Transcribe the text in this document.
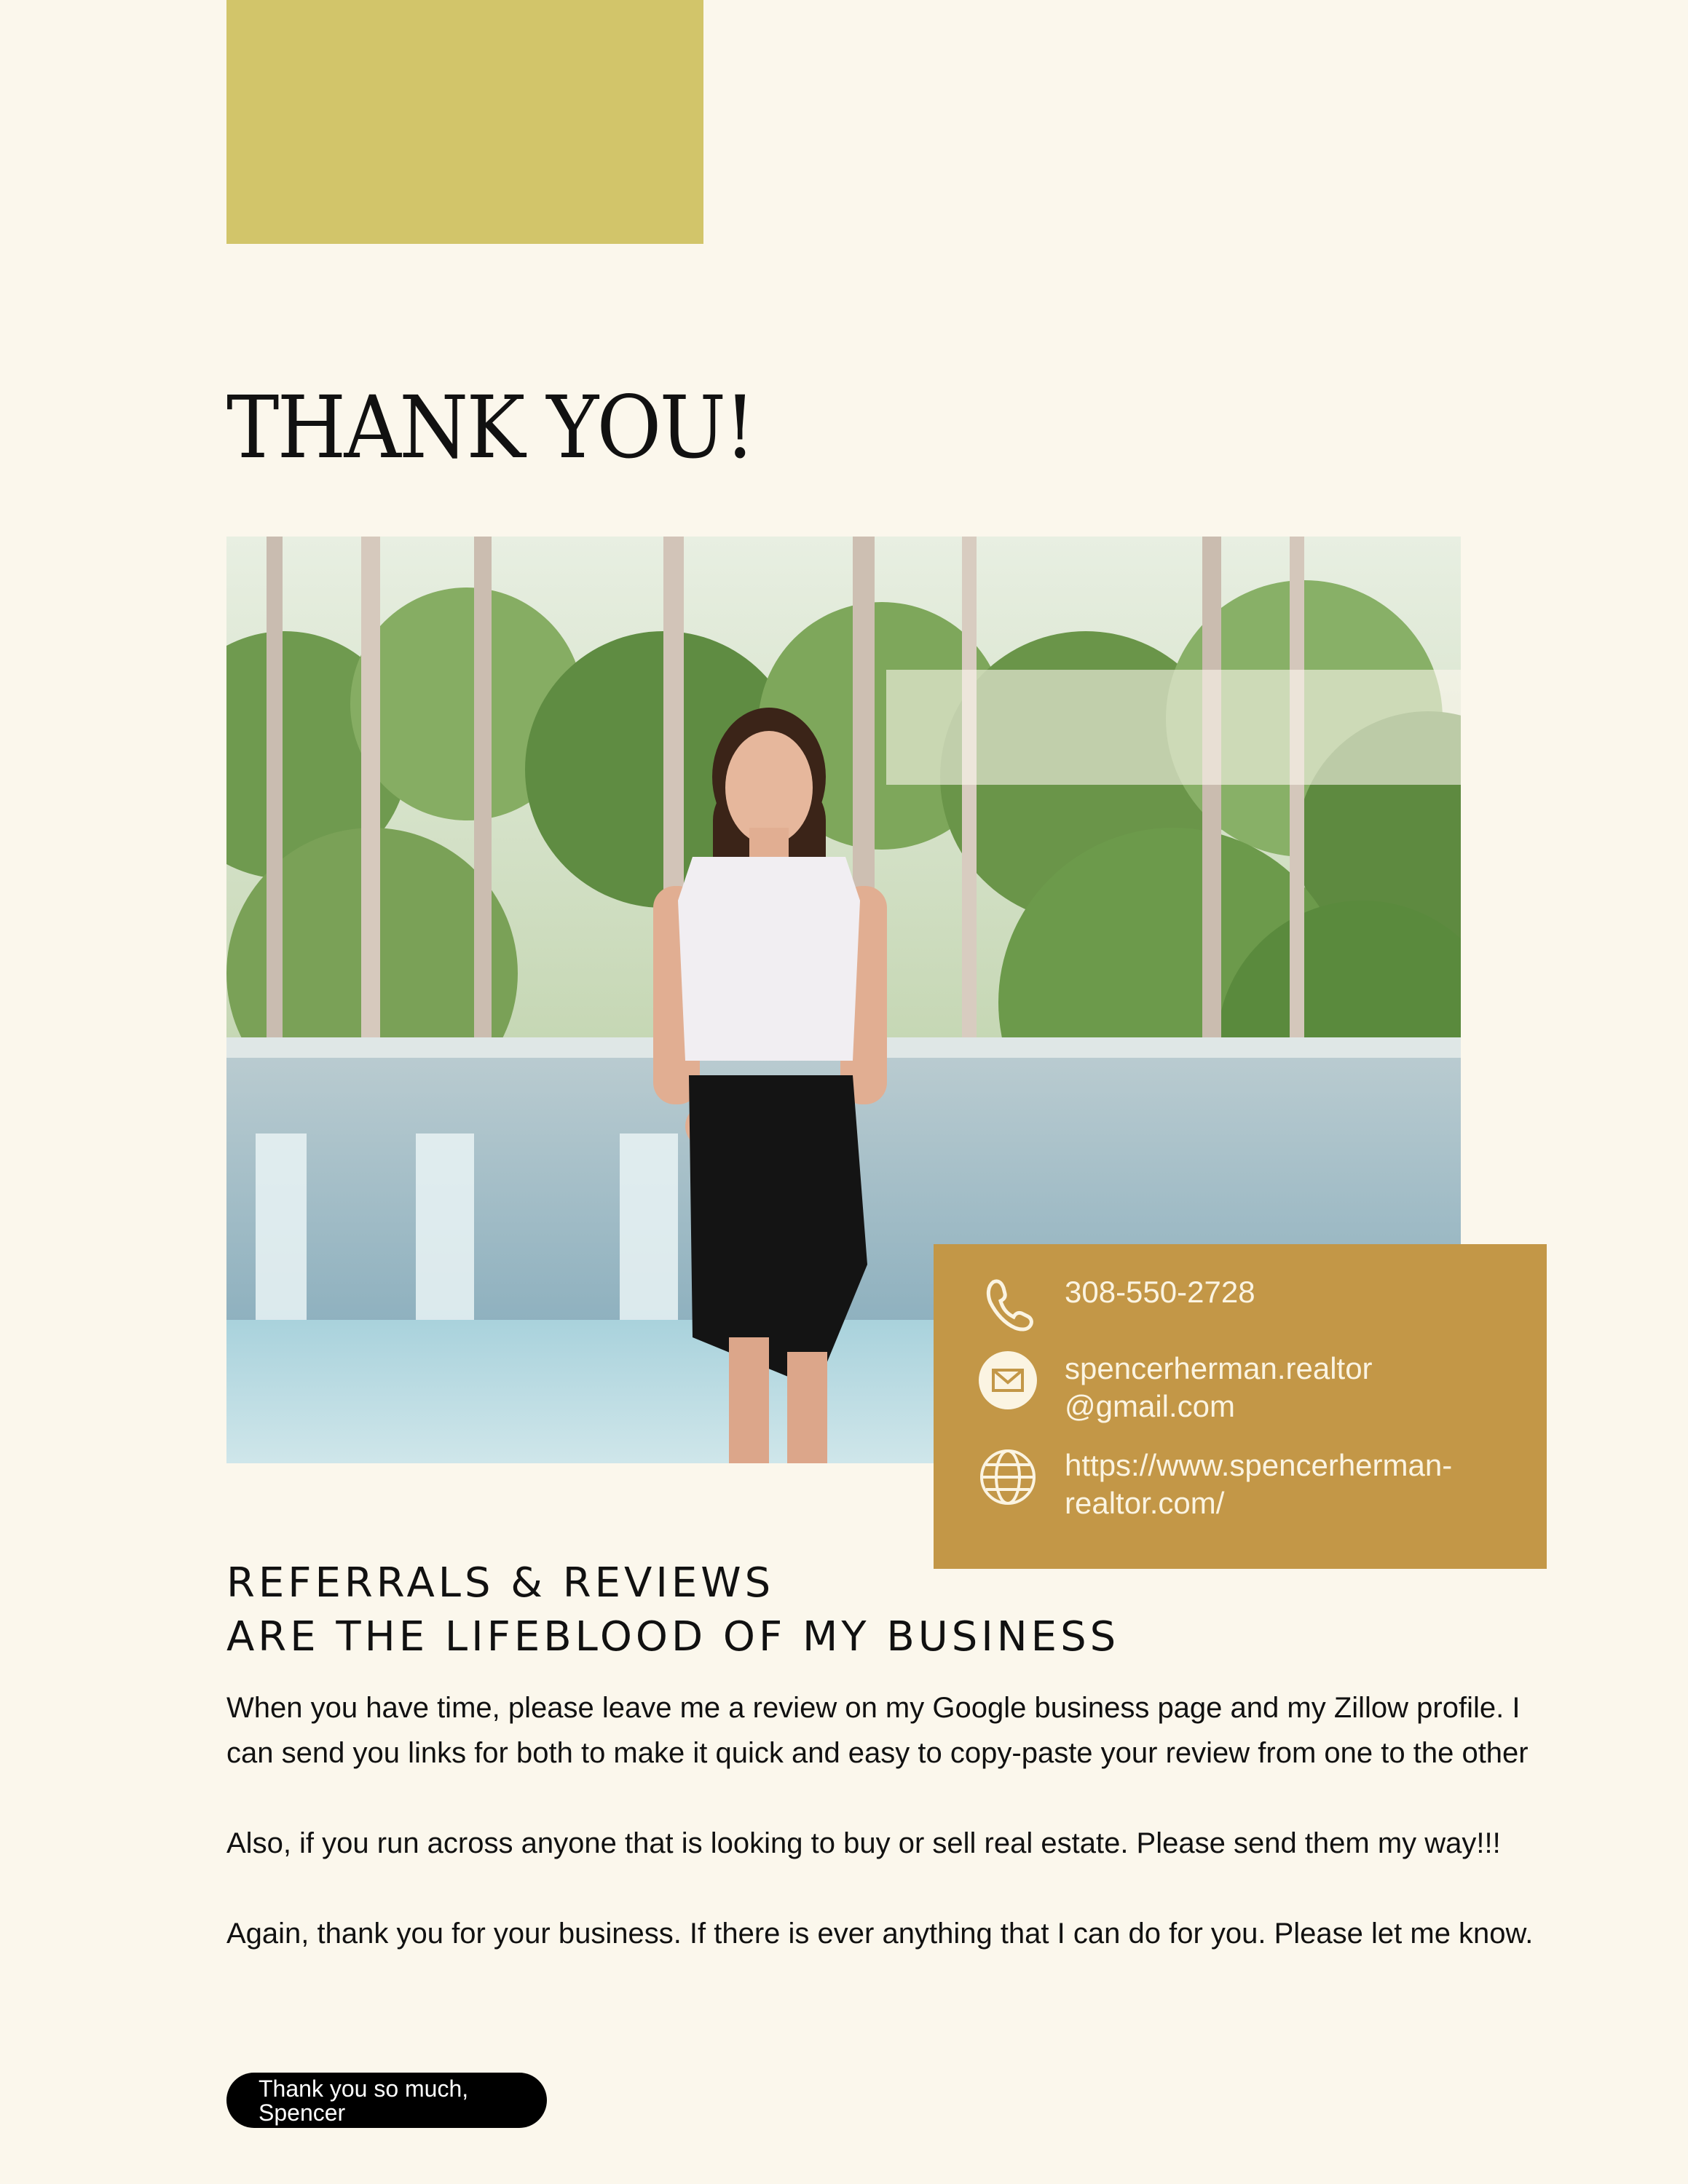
THANK YOU!
308-550-2728
spencerherman.realtor
@gmail.com
https://www.spencerherman-
realtor.com/
REFERRALS & REVIEWS
ARE THE LIFEBLOOD OF MY BUSINESS

When you have time, please leave me a review on my Google business page and my Zillow profile. I can send you links for both to make it quick and easy to copy-paste your review from one to the other

Also, if you run across anyone that is looking to buy or sell real estate. Please send them my way!!!

Again, thank you for your business. If there is ever anything that I can do for you. Please let me know.

Thank you so much,
Spencer
